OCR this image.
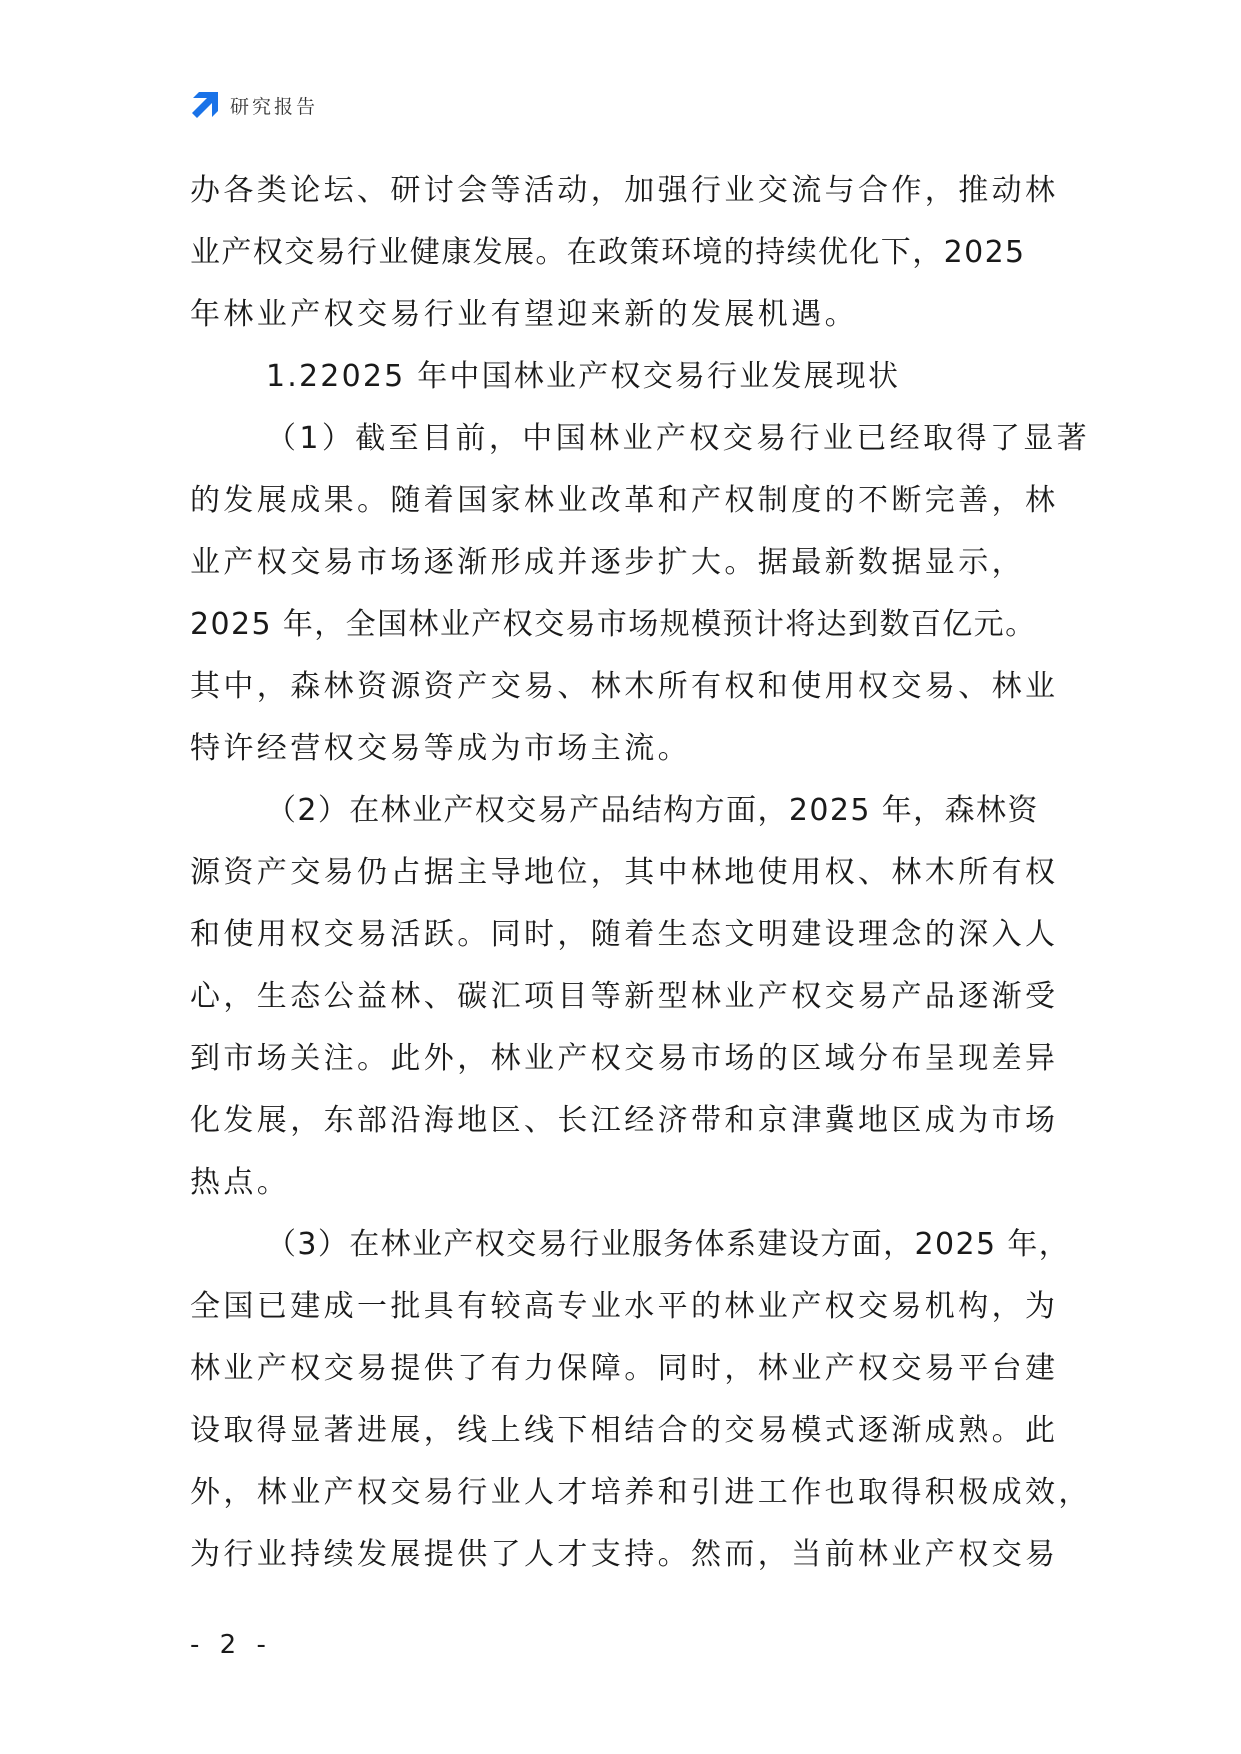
研究报告
办各类论坛、研讨会等活动，加强行业交流与合作，推动林
业产权交易行业健康发展。在政策环境的持续优化下，2025
年林业产权交易行业有望迎来新的发展机遇。
1.22025 年中国林业产权交易行业发展现状
（1）截至目前，中国林业产权交易行业已经取得了显著
的发展成果。随着国家林业改革和产权制度的不断完善，林
业产权交易市场逐渐形成并逐步扩大。据最新数据显示，
2025 年，全国林业产权交易市场规模预计将达到数百亿元。
其中，森林资源资产交易、林木所有权和使用权交易、林业
特许经营权交易等成为市场主流。
（2）在林业产权交易产品结构方面，2025 年，森林资
源资产交易仍占据主导地位，其中林地使用权、林木所有权
和使用权交易活跃。同时，随着生态文明建设理念的深入人
心，生态公益林、碳汇项目等新型林业产权交易产品逐渐受
到市场关注。此外，林业产权交易市场的区域分布呈现差异
化发展，东部沿海地区、长江经济带和京津冀地区成为市场
热点。
（3）在林业产权交易行业服务体系建设方面，2025 年，
全国已建成一批具有较高专业水平的林业产权交易机构，为
林业产权交易提供了有力保障。同时，林业产权交易平台建
设取得显著进展，线上线下相结合的交易模式逐渐成熟。此
外，林业产权交易行业人才培养和引进工作也取得积极成效，
为行业持续发展提供了人才支持。然而，当前林业产权交易
- 2 -
